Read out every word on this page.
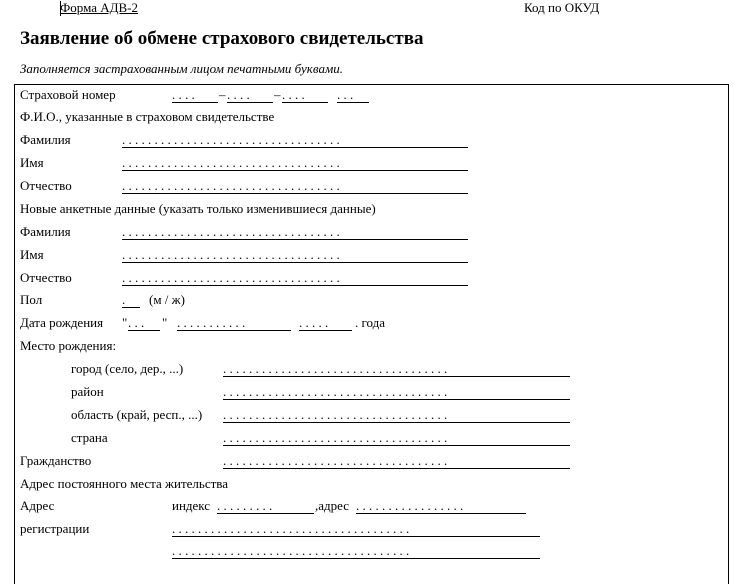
Форма АДВ-2	Код по ОКУД
Заявление об обмене страхового свидетельства
Заполняется застрахованным лицом печатными буквами.
Страховой номер	. . . .	– . . . .	– . . . .	. . .
Ф.И.О., указанные в страховом свидетельстве
Фамилия	. . . . . . . . . . . . . . . . . . . . . . . . . . . . . . . . . .
Имя	. . . . . . . . . . . . . . . . . . . . . . . . . . . . . . . . . .
Отчество	. . . . . . . . . . . . . . . . . . . . . . . . . . . . . . . . . .
Новые анкетные данные (указать только изменившиеся данные)
Фамилия	. . . . . . . . . . . . . . . . . . . . . . . . . . . . . . . . . .
Имя	. . . . . . . . . . . . . . . . . . . . . . . . . . . . . . . . . .
Отчество	. . . . . . . . . . . . . . . . . . . . . . . . . . . . . . . . . .
Пол	.	(м / ж)
Дата рождения " . . .	" . . . . . . . . . . .	. . . . .	. года
Место рождения:
город (село, дер., ...)	. . . . . . . . . . . . . . . . . . . . . . . . . . . . . . . . . . .
район	. . . . . . . . . . . . . . . . . . . . . . . . . . . . . . . . . . .
область (край, респ., ...) . . . . . . . . . . . . . . . . . . . . . . . . . . . . . . . . . . .
страна	. . . . . . . . . . . . . . . . . . . . . . . . . . . . . . . . . . .
Гражданство	. . . . . . . . . . . . . . . . . . . . . . . . . . . . . . . . . . .
Адрес постоянного места жительства
Адрес	индекс . . . . . . . . .	,адрес . . . . . . . . . . . . . . . . .
регистрации	. . . . . . . . . . . . . . . . . . . . . . . . . . . . . . . . . . . . .
. . . . . . . . . . . . . . . . . . . . . . . . . . . . . . . . . . . . .
